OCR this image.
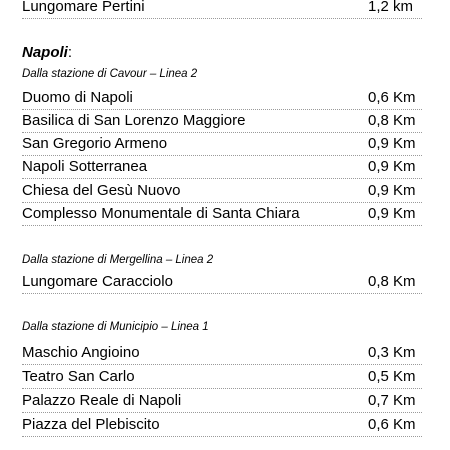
Lungomare Pertini	1,2 km
Napoli:
Dalla stazione di Cavour – Linea 2
Duomo di Napoli	0,6 Km
Basilica di San Lorenzo Maggiore	0,8 Km
San Gregorio Armeno	0,9 Km
Napoli Sotterranea	0,9 Km
Chiesa del Gesù Nuovo	0,9 Km
Complesso Monumentale di Santa Chiara	0,9 Km
Dalla stazione di Mergellina – Linea 2
Lungomare Caracciolo	0,8 Km
Dalla stazione di Municipio – Linea 1
Maschio Angioino	0,3 Km
Teatro San Carlo	0,5 Km
Palazzo Reale di Napoli	0,7 Km
Piazza del Plebiscito	0,6 Km
